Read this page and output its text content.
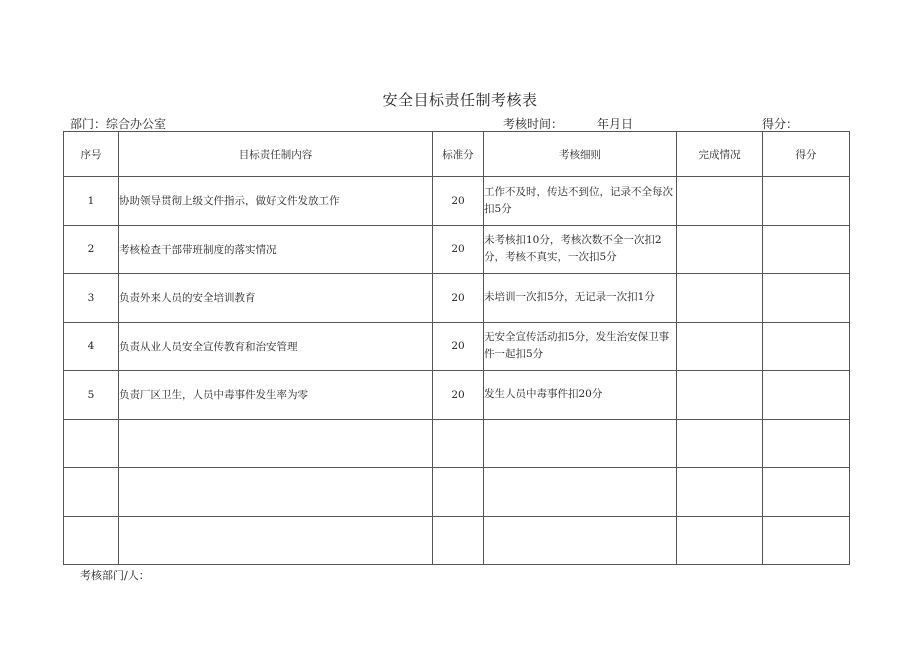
安全目标责任制考核表
部门：综合办公室	考核时间：	年月日	得分：
序号	目标责任制内容	标准分	考核细则	完成情况	得分
1	协助领导贯彻上级文件指示，做好文件发放工作	20	工作不及时，传达不到位，记录不全每次扣5分		
2	考核检查干部带班制度的落实情况	20	未考核扣10分，考核次数不全一次扣2分，考核不真实，一次扣5分		
3	负责外来人员的安全培训教育	20	未培训一次扣5分，无记录一次扣1分		
4	负责从业人员安全宣传教育和治安管理	20	无安全宣传活动扣5分，发生治安保卫事件一起扣5分		
5	负责厂区卫生，人员中毒事件发生率为零	20	发生人员中毒事件扣20分		

考核部门/人：
